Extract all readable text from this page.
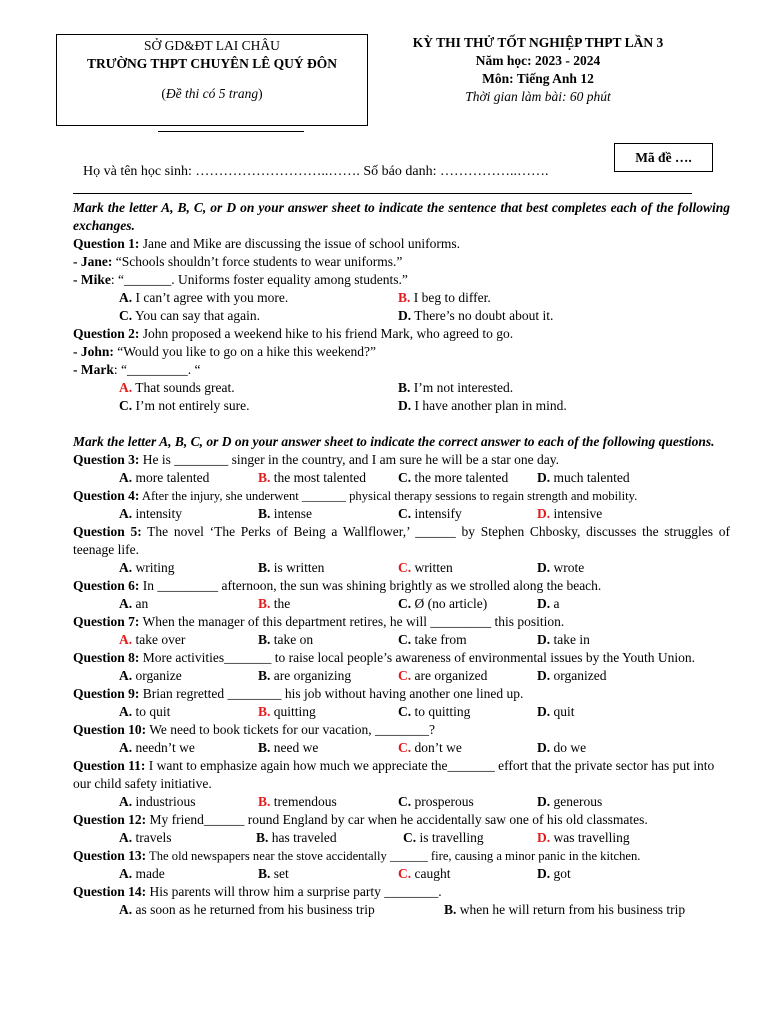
SỞ GD&ĐT LAI CHÂU
TRƯỜNG THPT CHUYÊN LÊ QUÝ ĐÔN
(Đề thi có 5 trang)
KỲ THI THỬ TỐT NGHIỆP THPT LẦN 3
Năm học: 2023 - 2024
Môn: Tiếng Anh 12
Thời gian làm bài: 60 phút
Họ và tên học sinh: ………………………..……. Số báo danh: ……………..…….
Mã đề ….
Mark the letter A, B, C, or D on your answer sheet to indicate the sentence that best completes each of the following exchanges.
Question 1: Jane and Mike are discussing the issue of school uniforms.
- Jane: “Schools shouldn’t force students to wear uniforms.”
- Mike: “_______. Uniforms foster equality among students.”
A. I can’t agree with you more.	B. I beg to differ.
C. You can say that again.	D. There’s no doubt about it.
Question 2: John proposed a weekend hike to his friend Mark, who agreed to go.
- John: “Would you like to go on a hike this weekend?”
- Mark: “_________. “
A. That sounds great.	B. I’m not interested.
C. I’m not entirely sure.	D. I have another plan in mind.
Mark the letter A, B, C, or D on your answer sheet to indicate the correct answer to each of the following questions.
Question 3: He is ________ singer in the country, and I am sure he will be a star one day.
A. more talented	B. the most talented C. the more talented D. much talented
Question 4: After the injury, she underwent _______ physical therapy sessions to regain strength and mobility.
A. intensity	B. intense	C. intensify	D. intensive
Question 5: The novel ‘The Perks of Being a Wallflower,’ ______ by Stephen Chbosky, discusses the struggles of teenage life.
A. writing	B. is written	C. written	D. wrote
Question 6: In _________ afternoon, the sun was shining brightly as we strolled along the beach.
A. an	B. the	C. Ø (no article)	D. a
Question 7: When the manager of this department retires, he will _________ this position.
A. take over	B. take on	C. take from	D. take in
Question 8: More activities_______ to raise local people’s awareness of environmental issues by the Youth Union.
A. organize	B. are organizing	C. are organized	D. organized
Question 9: Brian regretted ________ his job without having another one lined up.
A. to quit	B. quitting	C. to quitting	D. quit
Question 10: We need to book tickets for our vacation, ________?
A. needn’t we	B. need we	C. don’t we	D. do we
Question 11: I want to emphasize again how much we appreciate the_______ effort that the private sector has put into our child safety initiative.
A. industrious	B. tremendous	C. prosperous	D. generous
Question 12: My friend______ round England by car when he accidentally saw one of his old classmates.
A. travels	B. has traveled	C. is travelling	D. was travelling
Question 13: The old newspapers near the stove accidentally ______ fire, causing a minor panic in the kitchen.
A. made	B. set	C. caught	D. got
Question 14: His parents will throw him a surprise party ________.
A. as soon as he returned from his business trip	B. when he will return from his business trip
